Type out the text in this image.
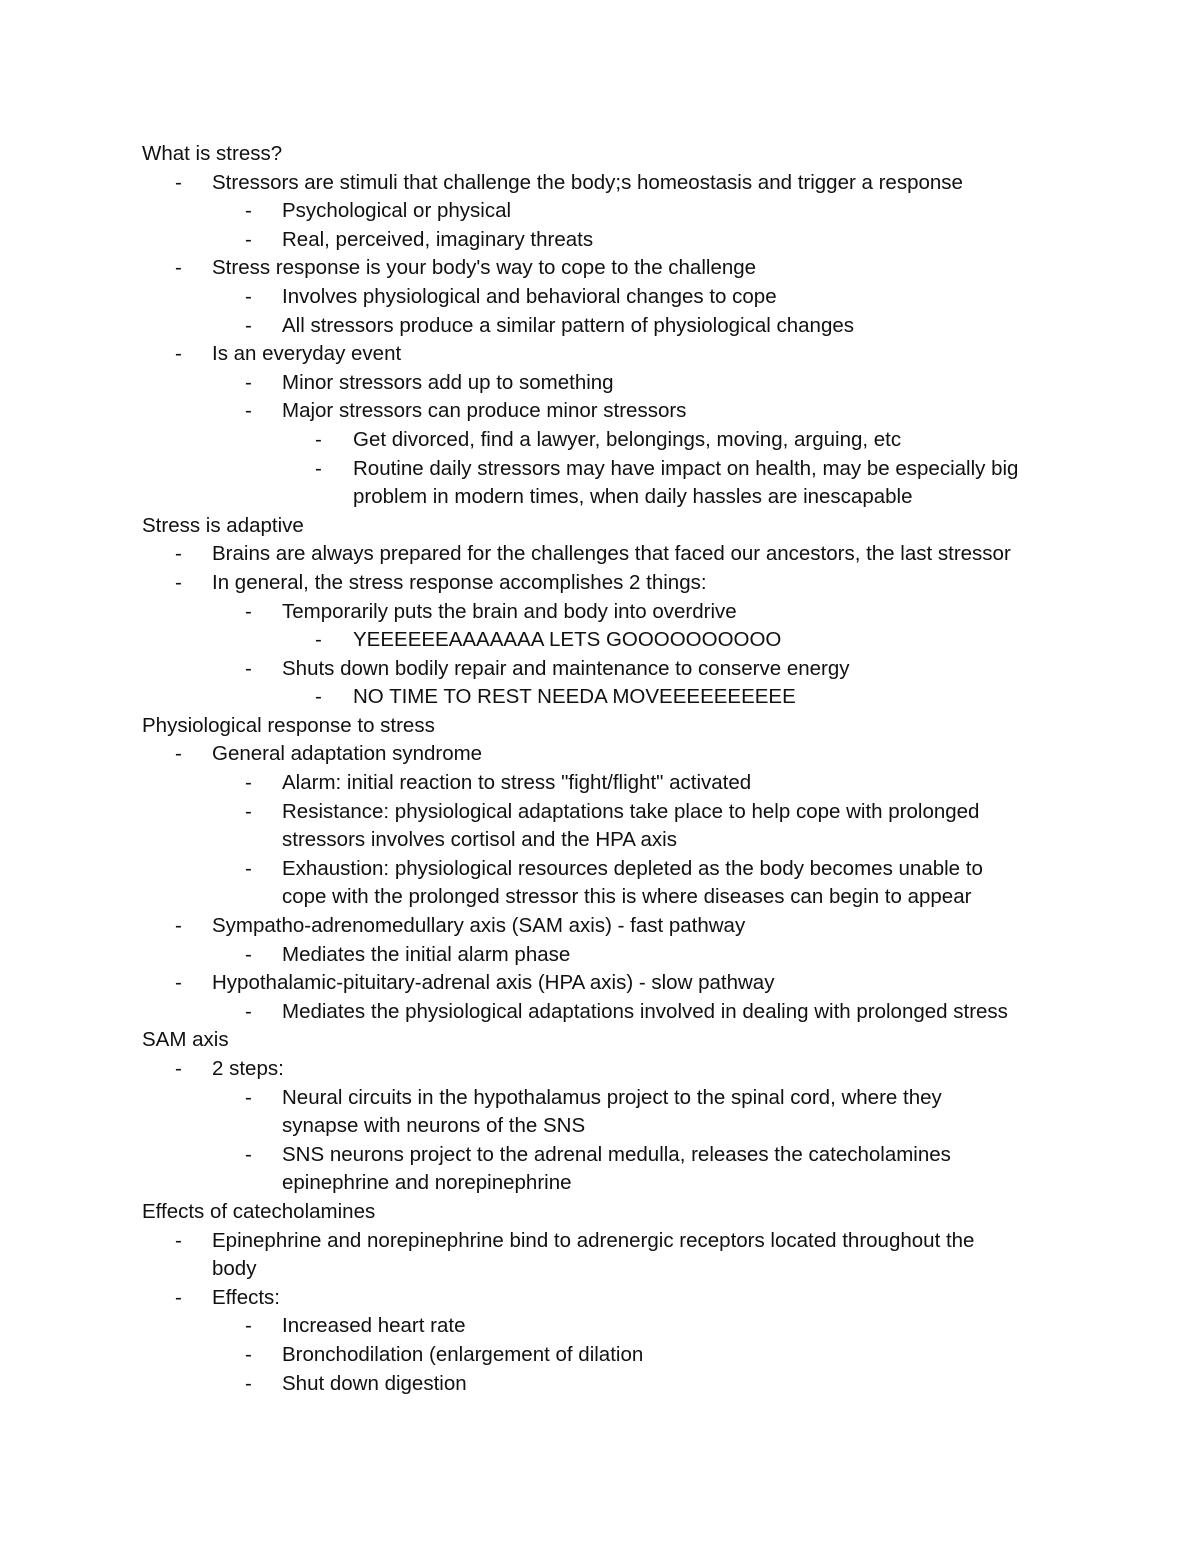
What is stress?
- Stressors are stimuli that challenge the body;s homeostasis and trigger a response
- Psychological or physical
- Real, perceived, imaginary threats
- Stress response is your body's way to cope to the challenge
- Involves physiological and behavioral changes to cope
- All stressors produce a similar pattern of physiological changes
- Is an everyday event
- Minor stressors add up to something
- Major stressors can produce minor stressors
- Get divorced, find a lawyer, belongings, moving, arguing, etc
- Routine daily stressors may have impact on health, may be especially big
problem in modern times, when daily hassles are inescapable
Stress is adaptive
- Brains are always prepared for the challenges that faced our ancestors, the last stressor
- In general, the stress response accomplishes 2 things:
- Temporarily puts the brain and body into overdrive
- YEEEEEEAAAAAAA LETS GOOOOOOOOOO
- Shuts down bodily repair and maintenance to conserve energy
- NO TIME TO REST NEEDA MOVEEEEEEEEEE
Physiological response to stress
- General adaptation syndrome
- Alarm: initial reaction to stress "fight/flight" activated
- Resistance: physiological adaptations take place to help cope with prolonged
stressors involves cortisol and the HPA axis
- Exhaustion: physiological resources depleted as the body becomes unable to
cope with the prolonged stressor this is where diseases can begin to appear
- Sympatho-adrenomedullary axis (SAM axis) - fast pathway
- Mediates the initial alarm phase
- Hypothalamic-pituitary-adrenal axis (HPA axis) - slow pathway
- Mediates the physiological adaptations involved in dealing with prolonged stress
SAM axis
- 2 steps:
- Neural circuits in the hypothalamus project to the spinal cord, where they
synapse with neurons of the SNS
- SNS neurons project to the adrenal medulla, releases the catecholamines
epinephrine and norepinephrine
Effects of catecholamines
- Epinephrine and norepinephrine bind to adrenergic receptors located throughout the
body
- Effects:
- Increased heart rate
- Bronchodilation (enlargement of dilation
- Shut down digestion
